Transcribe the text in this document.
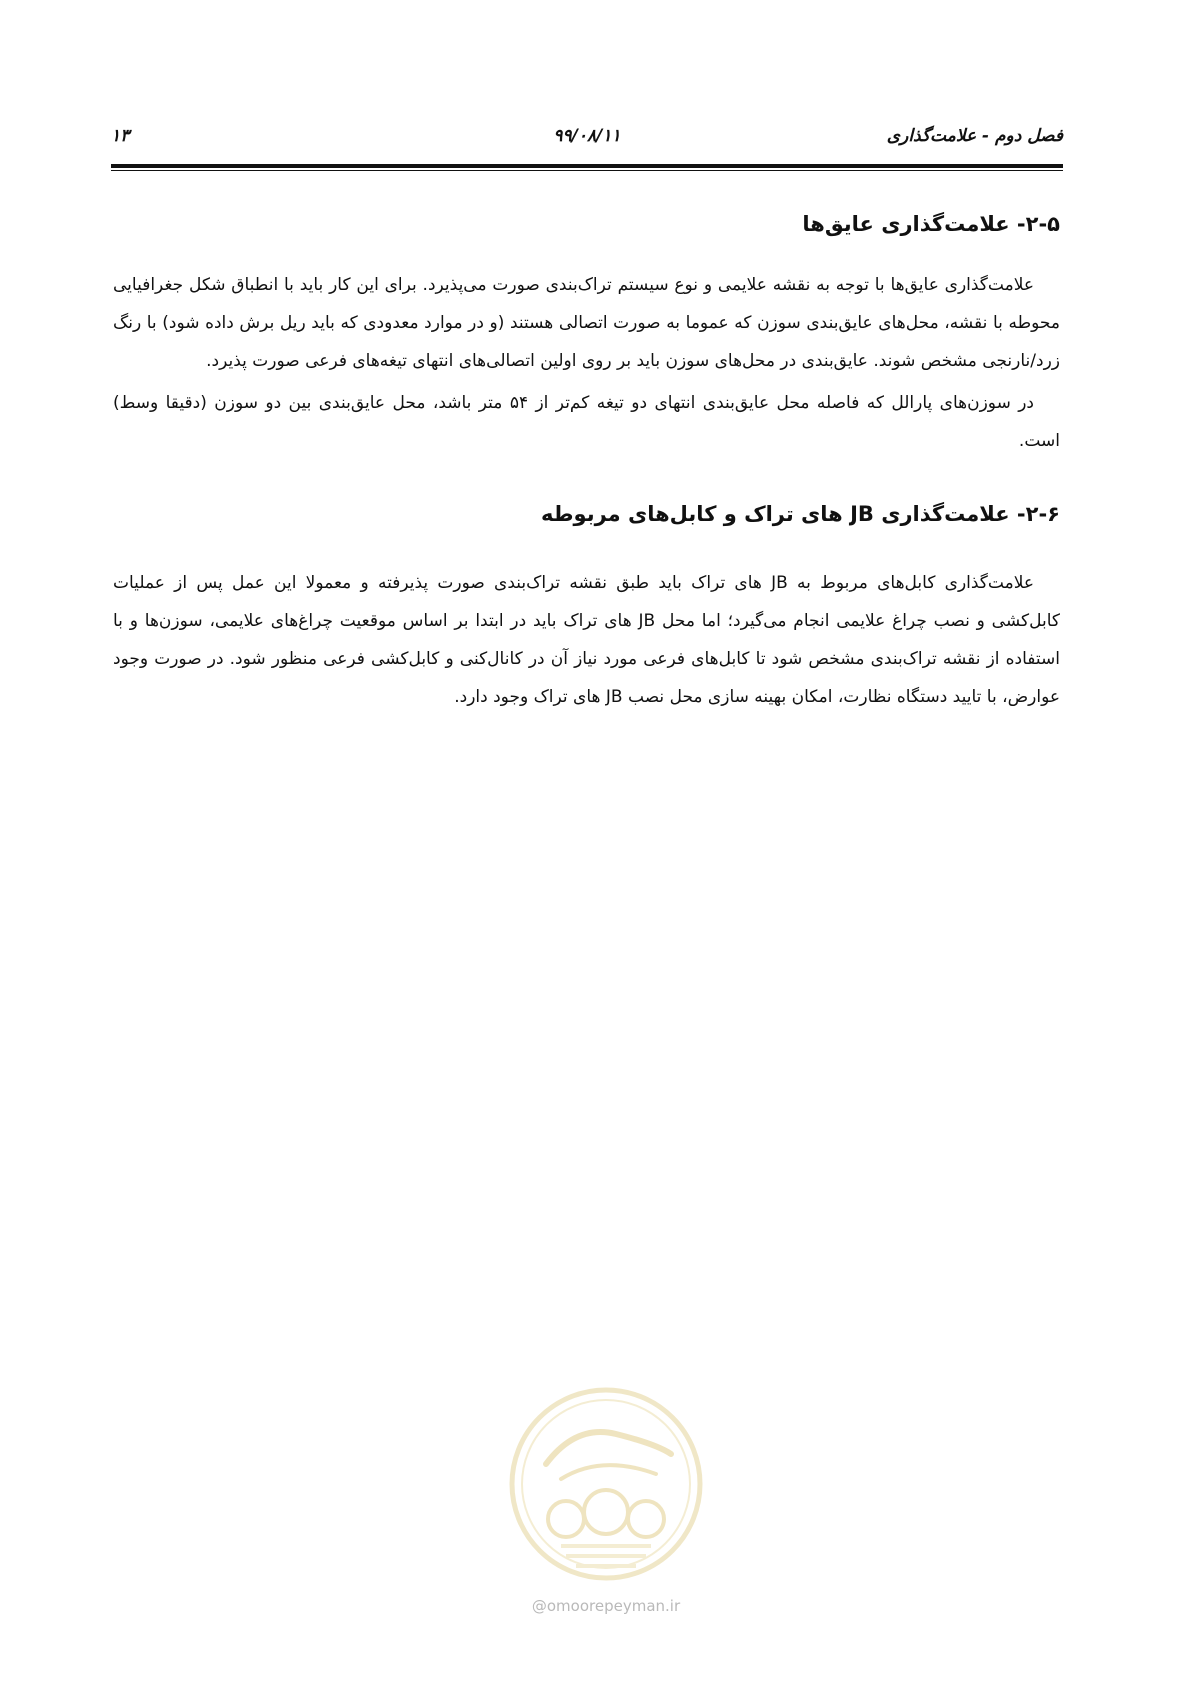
فصل دوم - علامت‌گذاری
۹۹/۰۸/۱۱
۱۳
۲-۵- علامت‌گذاری عایق‌ها

علامت‌گذاری عایق‌ها با توجه به نقشه علایمی و نوع سیستم تراک‌بندی صورت می‌پذیرد. برای این کار باید با انطباق شکل جغرافیایی محوطه با نقشه، محل‌های عایق‌بندی سوزن که عموما به صورت اتصالی هستند (و در موارد معدودی که باید ریل برش داده شود) با رنگ زرد/نارنجی مشخص شوند. عایق‌بندی در محل‌های سوزن باید بر روی اولین اتصالی‌های انتهای تیغه‌های فرعی صورت پذیرد.

در سوزن‌های پارالل که فاصله محل عایق‌بندی انتهای دو تیغه کم‌تر از ۵۴ متر باشد، محل عایق‌بندی بین دو سوزن (دقیقا وسط) است.

۲-۶- علامت‌گذاری JB های تراک و کابل‌های مربوطه

علامت‌گذاری کابل‌های مربوط به JB های تراک باید طبق نقشه تراک‌بندی صورت پذیرفته و معمولا این عمل پس از عملیات کابل‌کشی و نصب چراغ علایمی انجام می‌گیرد؛ اما محل JB های تراک باید در ابتدا بر اساس موقعیت چراغ‌های علایمی، سوزن‌ها و با استفاده از نقشه تراک‌بندی مشخص شود تا کابل‌های فرعی مورد نیاز آن در کانال‌کنی و کابل‌کشی فرعی منظور شود. در صورت وجود عوارض، با تایید دستگاه نظارت، امکان بهینه سازی محل نصب JB های تراک وجود دارد.

@omoorepeyman.ir
